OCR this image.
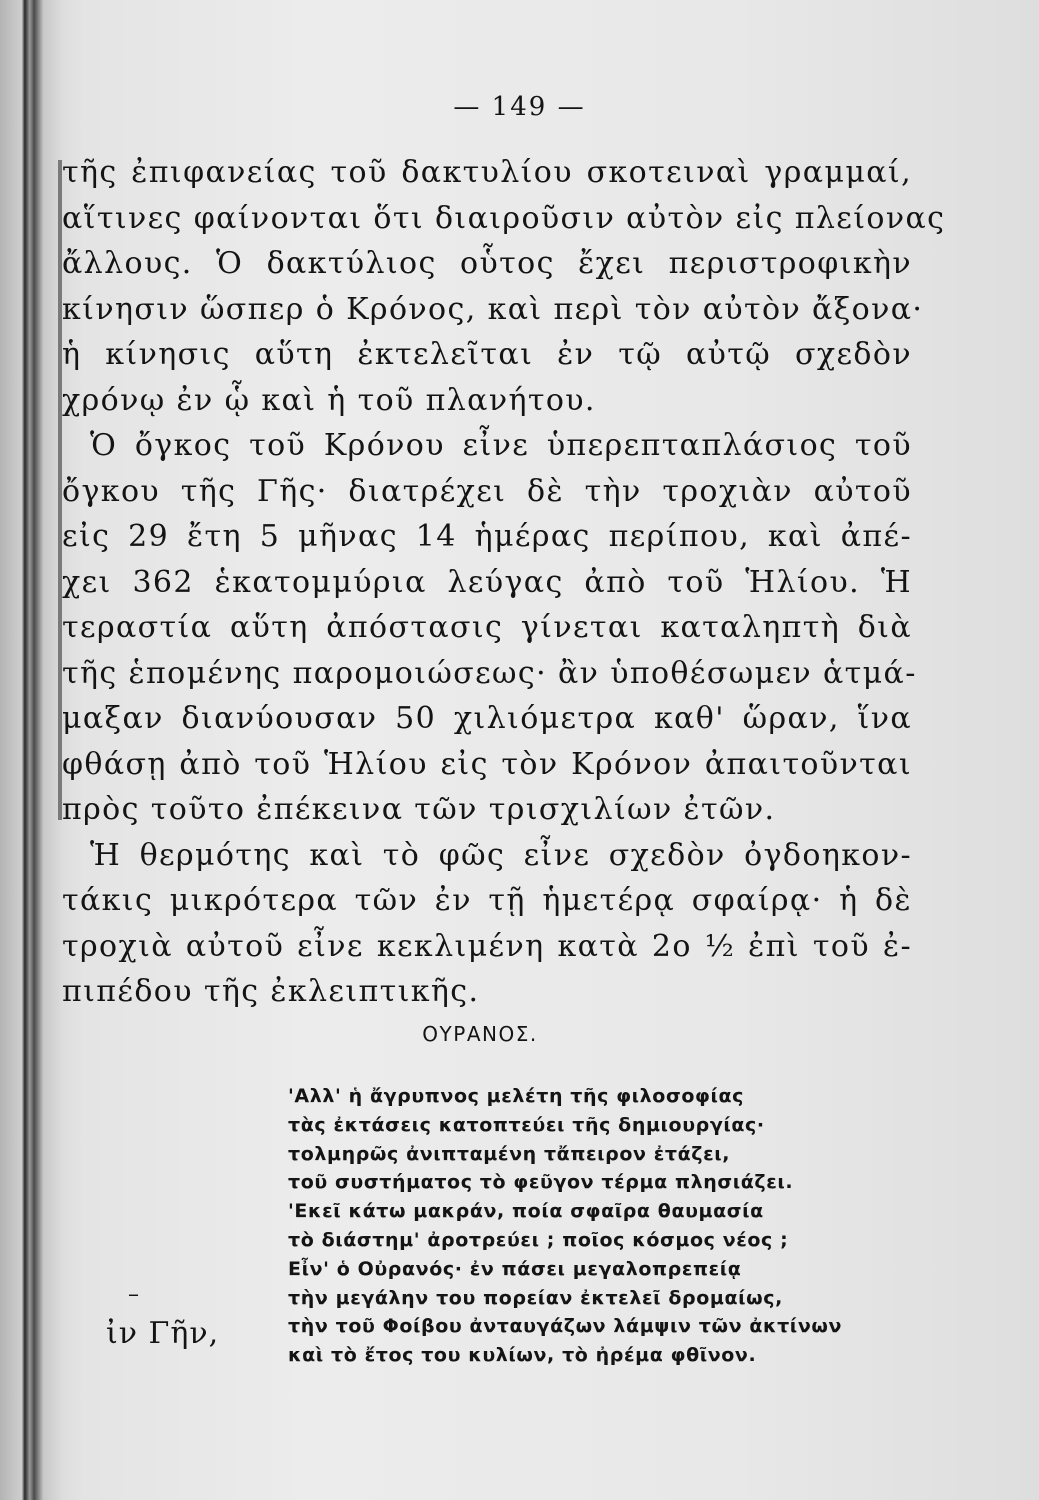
— 149 —
τῆς ἐπιφανείας τοῦ δακτυλίου σκοτειναὶ γραμμαί,
αἵτινες φαίνονται ὅτι διαιροῦσιν αὐτὸν εἰς πλείονας
ἄλλους. Ὁ δακτύλιος οὗτος ἔχει περιστροφικὴν
κίνησιν ὥσπερ ὁ Κρόνος, καὶ περὶ τὸν αὐτὸν ἄξονα·
ἡ κίνησις αὕτη ἐκτελεῖται ἐν τῷ αὐτῷ σχεδὸν
χρόνῳ ἐν ᾧ καὶ ἡ τοῦ πλανήτου.
Ὁ ὄγκος τοῦ Κρόνου εἶνε ὑπερεπταπλάσιος τοῦ
ὄγκου τῆς Γῆς· διατρέχει δὲ τὴν τροχιὰν αὐτοῦ
εἰς 29 ἔτη 5 μῆνας 14 ἡμέρας περίπου, καὶ ἀπέ-
χει 362 ἑκατομμύρια λεύγας ἀπὸ τοῦ Ἡλίου. Ἡ
τεραστία αὕτη ἀπόστασις γίνεται καταληπτὴ διὰ
τῆς ἑπομένης παρομοιώσεως· ἂν ὑποθέσωμεν ἁτμά-
μαξαν διανύουσαν 50 χιλιόμετρα καθ' ὥραν, ἵνα
φθάσῃ ἀπὸ τοῦ Ἡλίου εἰς τὸν Κρόνον ἀπαιτοῦνται
πρὸς τοῦτο ἐπέκεινα τῶν τρισχιλίων ἐτῶν.
Ἡ θερμότης καὶ τὸ φῶς εἶνε σχεδὸν ὀγδοηκον-
τάκις μικρότερα τῶν ἐν τῇ ἡμετέρᾳ σφαίρᾳ· ἡ δὲ
τροχιὰ αὐτοῦ εἶνε κεκλιμένη κατὰ 2ο ½ ἐπὶ τοῦ ἐ-
πιπέδου τῆς ἐκλειπτικῆς.
ΟΥΡΑΝΟΣ.
'Αλλ' ἡ ἄγρυπνος μελέτη τῆς φιλοσοφίας
τὰς ἐκτάσεις κατοπτεύει τῆς δημιουργίας·
τολμηρῶς ἀνιπταμένη τἄπειρον ἐτάζει,
τοῦ συστήματος τὸ φεῦγον τέρμα πλησιάζει.
'Εκεῖ κάτω μακράν, ποία σφαῖρα θαυμασία
τὸ διάστημ' ἀροτρεύει ; ποῖος κόσμος νέος ;
Εἶν' ὁ Οὐρανός· ἐν πάσει μεγαλοπρεπείᾳ
τὴν μεγάλην του πορείαν ἐκτελεῖ δρομαίως,
τὴν τοῦ Φοίβου ἀνταυγάζων λάμψιν τῶν ἀκτίνων
καὶ τὸ ἔτος του κυλίων, τὸ ἠρέμα φθῖνον.
–
ἰν Γῆν,
